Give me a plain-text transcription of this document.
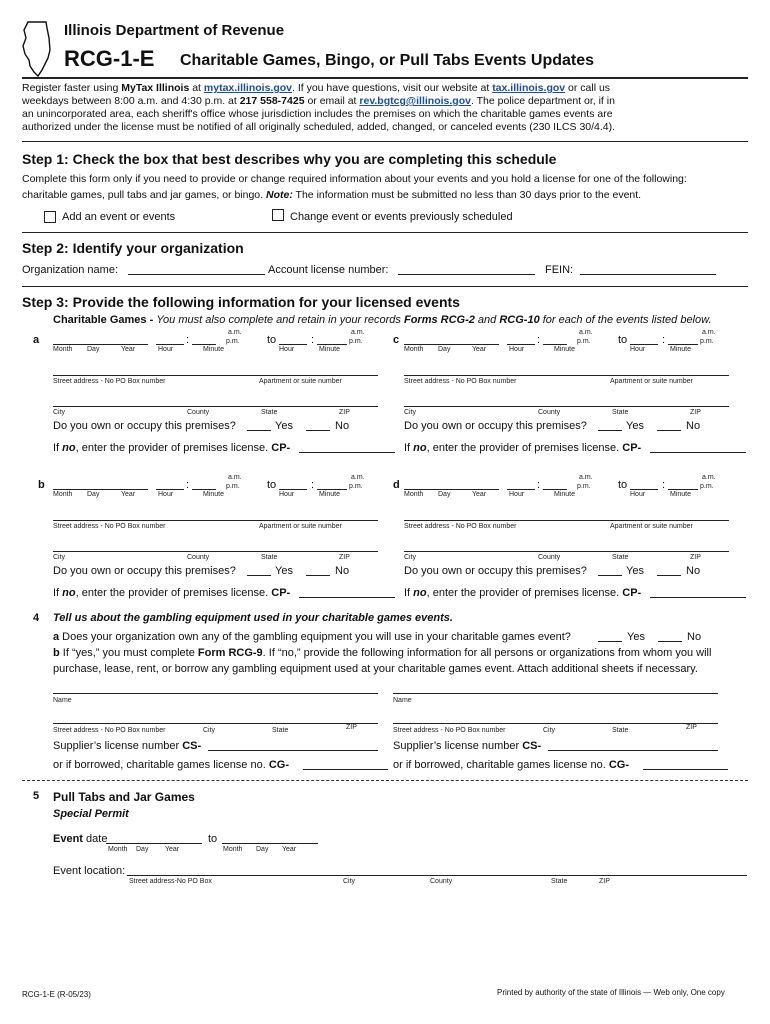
Illinois Department of Revenue
RCG-1-E Charitable Games, Bingo, or Pull Tabs Events Updates
Register faster using MyTax Illinois at mytax.illinois.gov. If you have questions, visit our website at tax.illinois.gov or call us
weekdays between 8:00 a.m. and 4:30 p.m. at 217 558-7425 or email at rev.bgtcg@illinois.gov. The police department or, if in
an unincorporated area, each sheriff's office whose jurisdiction includes the premises on which the charitable games events are
authorized under the license must be notified of all originally scheduled, added, changed, or canceled events (230 ILCS 30/4.4).
Step 1: Check the box that best describes why you are completing this schedule
Complete this form only if you need to provide or change required information about your events and you hold a license for one of the following:
charitable games, pull tabs and jar games, or bingo. Note: The information must be submitted no less than 30 days prior to the event.
Add an event or events	Change event or events previously scheduled
Step 2: Identify your organization
Organization name:	Account license number:	FEIN:
Step 3: Provide the following information for your licensed events
Charitable Games - You must also complete and retain in your records Forms RCG-2 and RCG-10 for each of the events listed below.
a	:
a.m.
p.m. to	:
a.m.
p.m.
Month Day	Year	Hour	Minute	Hour	Minute
Street address - No PO Box number	Apartment or suite number
City	County	State	ZIP
Do you own or occupy this premises?	Yes	No
If no, enter the provider of premises license. CP-
c	:
a.m.
p.m. to	:
a.m.
p.m.
Month Day	Year	Hour	Minute	Hour	Minute
Street address - No PO Box number	Apartment or suite number
City	County	State	ZIP
Do you own or occupy this premises?	Yes	No
If no, enter the provider of premises license. CP-
b	:
a.m.
p.m. to	:
a.m.
p.m.
Month Day	Year	Hour	Minute	Hour	Minute
Street address - No PO Box number	Apartment or suite number
City	County	State	ZIP
Do you own or occupy this premises?	Yes	No
If no, enter the provider of premises license. CP-
d	:
a.m.
p.m. to	:
a.m.
p.m.
Month Day	Year	Hour	Minute	Hour	Minute
Street address - No PO Box number	Apartment or suite number
City	County	State	ZIP
Do you own or occupy this premises?	Yes	No
If no, enter the provider of premises license. CP-
4 Tell us about the gambling equipment used in your charitable games events.
a Does your organization own any of the gambling equipment you will use in your charitable games event?	Yes	No
b If “yes,” you must complete Form RCG-9. If “no,” provide the following information for all persons or organizations from whom you will
purchase, lease, rent, or borrow any gambling equipment used at your charitable games event. Attach additional sheets if necessary.
Name
Street address - No PO Box number	City	State	ZIP
Supplier’s license number CS-
or if borrowed, charitable games license no. CG-
Name
Street address - No PO Box number	City	State	ZIP
Supplier’s license number CS-
or if borrowed, charitable games license no. CG-
5 Pull Tabs and Jar Games
Special Permit
Event date	to
Month Day Year	Month Day Year
Event location:
Street address-No PO Box	City	County	State	ZIP
RCG-1-E (R-05/23)	Printed by authority of the state of Illinois — Web only, One copy
